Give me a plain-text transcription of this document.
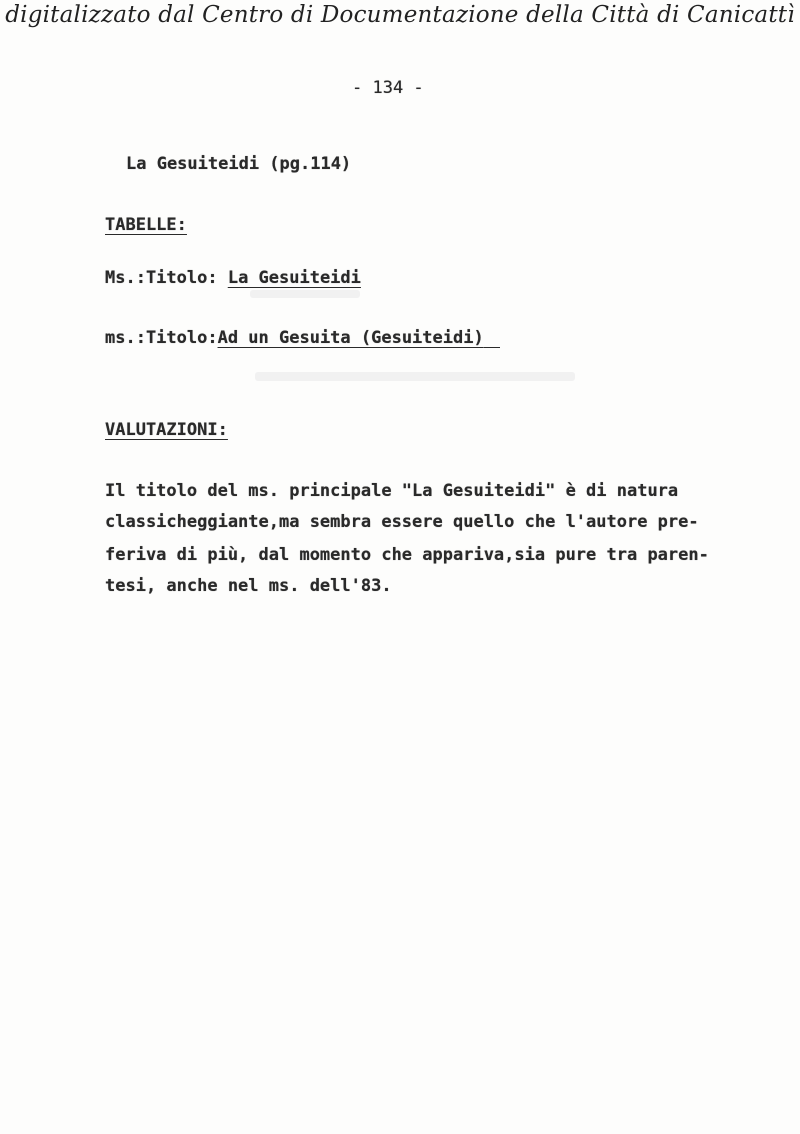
digitalizzato dal Centro di Documentazione della Città di Canicattì
- 134 -
La Gesuiteidi (pg.114)
TABELLE:
Ms.:Titolo: La Gesuiteidi
ms.:Titolo:Ad un Gesuita (Gesuiteidi)
VALUTAZIONI:
Il titolo del ms. principale "La Gesuiteidi" è di natura
classicheggiante,ma sembra essere quello che l'autore pre-
feriva di più, dal momento che appariva,sia pure tra paren-
tesi, anche nel ms. dell'83.
